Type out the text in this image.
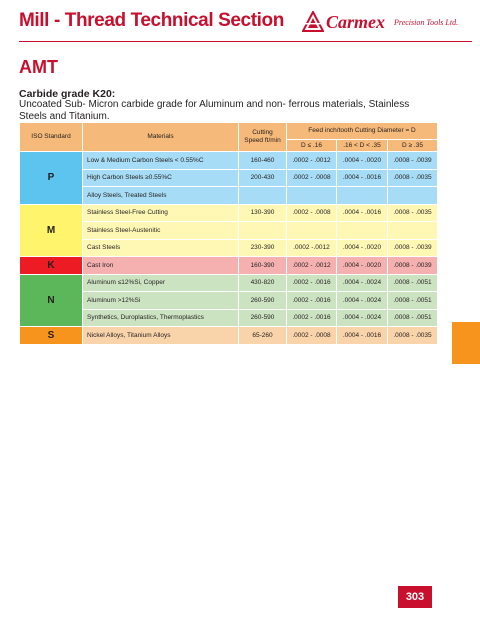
Mill - Thread Technical Section Carmex Precision Tools Ltd.
AMT
Carbide grade K20:
Uncoated Sub- Micron carbide grade for Aluminum and non- ferrous materials, Stainless Steels and Titanium.
ISO Standard	Materials	Cutting Speed ft/min	Feed inch/tooth Cutting Diameter = D		
			D ≤ .16	.16 < D < .35	D ≥ .35
P	Low & Medium Carbon Steels < 0.55%C	160-460	.0002 - .0012	.0004 - .0020	.0008 - .0039
	High Carbon Steels ≥0.55%C	200-430	.0002 - .0008	.0004 - .0016	.0008 - .0035
	Alloy Steels, Treated Steels				
M	Stainless Steel-Free Cutting	130-390	.0002 - .0008	.0004 - .0016	.0008 - .0035
	Stainless Steel-Austenitic				
	Cast Steels	230-390	.0002 -.0012	.0004 - .0020	.0008 - .0039
K	Cast Iron	160-390	.0002 - .0012	.0004 - .0020	.0008 - .0039
N	Aluminum ≤12%Si, Copper	430-820	.0002 - .0016	.0004 - .0024	.0008 - .0051
	Aluminum >12%Si	260-590	.0002 - .0016	.0004 - .0024	.0008 - .0051
	Synthetics, Duroplastics, Thermoplastics	260-590	.0002 - .0016	.0004 - .0024	.0008 - .0051
S	Nickel Alloys, Titanium Alloys	65-260	.0002 - .0008	.0004 - .0016	.0008 - .0035
303
